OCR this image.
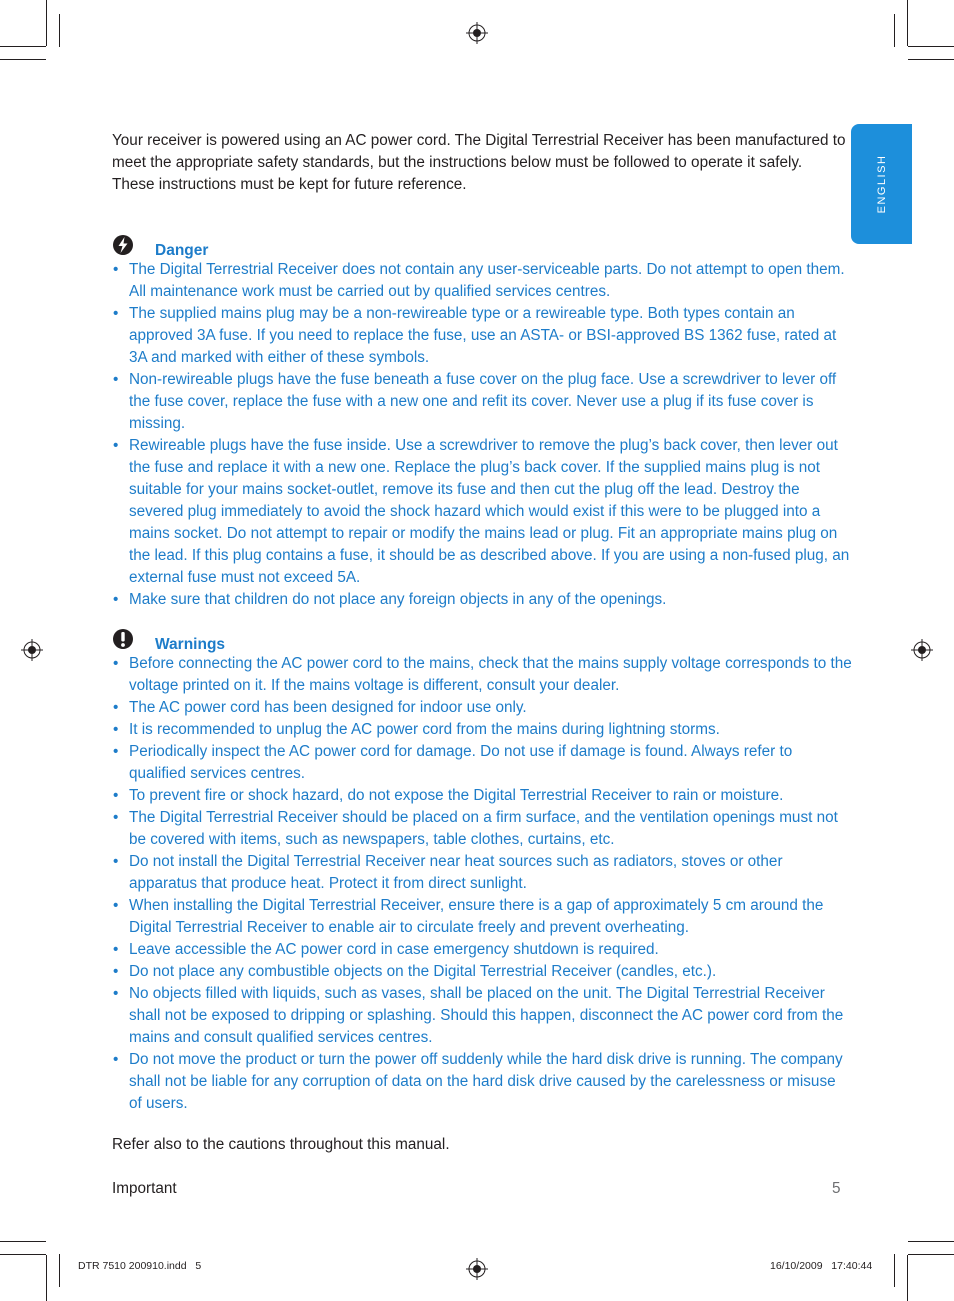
ENGLISH

Your receiver is powered using an AC power cord. The Digital Terrestrial Receiver has been manufactured to meet the appropriate safety standards, but the instructions below must be followed to operate it safely. These instructions must be kept for future reference.

Danger
• The Digital Terrestrial Receiver does not contain any user-serviceable parts. Do not attempt to open them. All maintenance work must be carried out by qualified services centres.
• The supplied mains plug may be a non-rewireable type or a rewireable type. Both types contain an approved 3A fuse. If you need to replace the fuse, use an ASTA- or BSI-approved BS 1362 fuse, rated at 3A and marked with either of these symbols.
• Non-rewireable plugs have the fuse beneath a fuse cover on the plug face. Use a screwdriver to lever off the fuse cover, replace the fuse with a new one and refit its cover. Never use a plug if its fuse cover is missing.
• Rewireable plugs have the fuse inside. Use a screwdriver to remove the plug’s back cover, then lever out the fuse and replace it with a new one. Replace the plug’s back cover. If the supplied mains plug is not suitable for your mains socket-outlet, remove its fuse and then cut the plug off the lead. Destroy the severed plug immediately to avoid the shock hazard which would exist if this were to be plugged into a mains socket. Do not attempt to repair or modify the mains lead or plug. Fit an appropriate mains plug on the lead. If this plug contains a fuse, it should be as described above. If you are using a non-fused plug, an external fuse must not exceed 5A.
• Make sure that children do not place any foreign objects in any of the openings.
Warnings
• Before connecting the AC power cord to the mains, check that the mains supply voltage corresponds to the voltage printed on it. If the mains voltage is different, consult your dealer.
• The AC power cord has been designed for indoor use only.
• It is recommended to unplug the AC power cord from the mains during lightning storms.
• Periodically inspect the AC power cord for damage. Do not use if damage is found. Always refer to qualified services centres.
• To prevent fire or shock hazard, do not expose the Digital Terrestrial Receiver to rain or moisture.
• The Digital Terrestrial Receiver should be placed on a firm surface, and the ventilation openings must not be covered with items, such as newspapers, table clothes, curtains, etc.
• Do not install the Digital Terrestrial Receiver near heat sources such as radiators, stoves or other apparatus that produce heat. Protect it from direct sunlight.
• When installing the Digital Terrestrial Receiver, ensure there is a gap of approximately 5 cm around the Digital Terrestrial Receiver to enable air to circulate freely and prevent overheating.
• Leave accessible the AC power cord in case emergency shutdown is required.
• Do not place any combustible objects on the Digital Terrestrial Receiver (candles, etc.).
• No objects filled with liquids, such as vases, shall be placed on the unit. The Digital Terrestrial Receiver shall not be exposed to dripping or splashing. Should this happen, disconnect the AC power cord from the mains and consult qualified services centres.
• Do not move the product or turn the power off suddenly while the hard disk drive is running. The company shall not be liable for any corruption of data on the hard disk drive caused by the carelessness or misuse of users.

Refer also to the cautions throughout this manual.

Important	5
DTR 7510 200910.indd   5	16/10/2009   17:40:44
